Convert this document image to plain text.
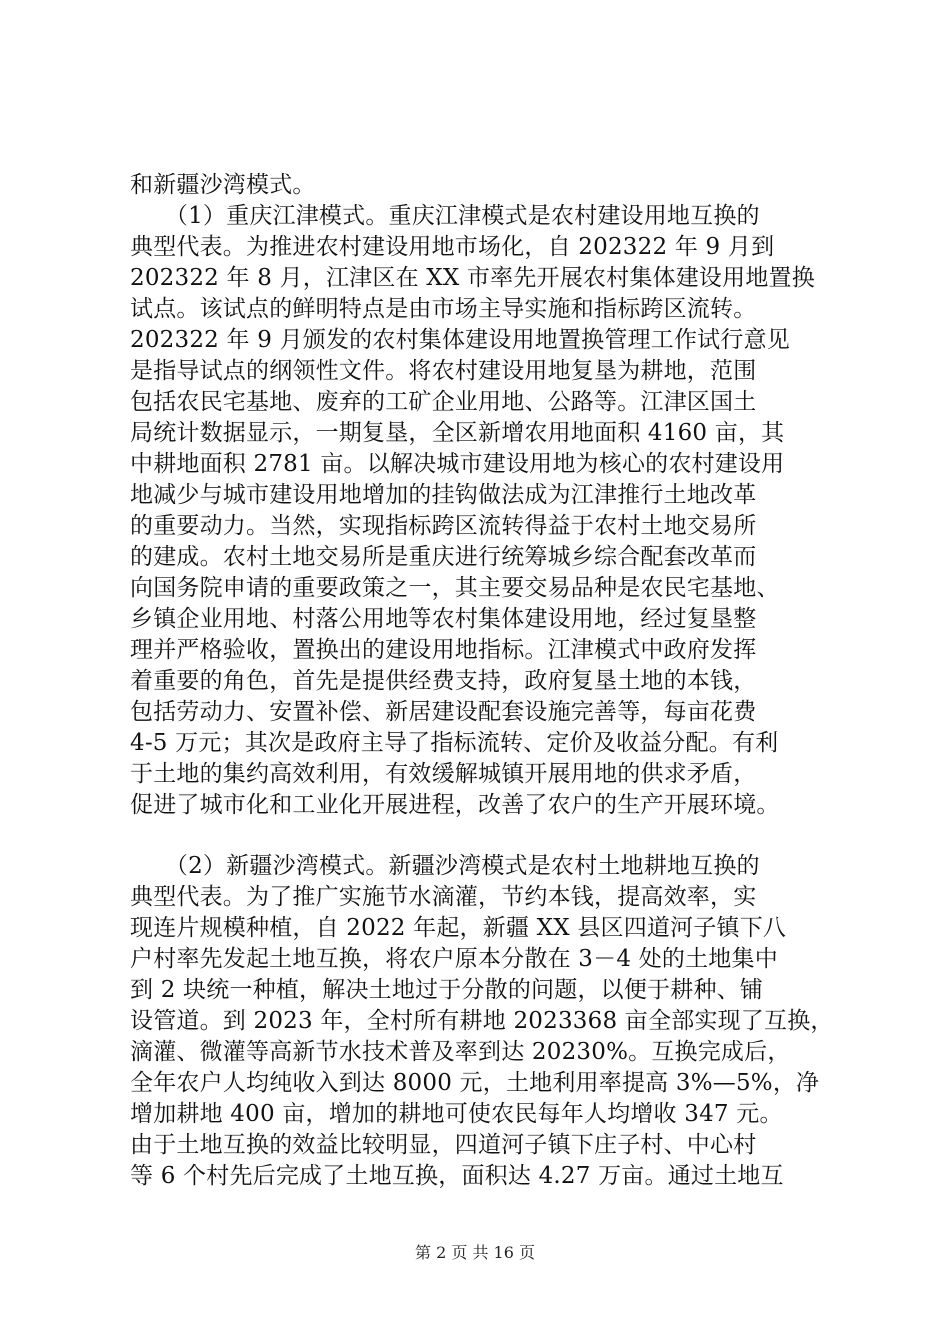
和新疆沙湾模式。
　　（1）重庆江津模式。重庆江津模式是农村建设用地互换的
典型代表。为推进农村建设用地市场化，自 202322 年 9 月到
202322 年 8 月，江津区在 XX 市率先开展农村集体建设用地置换
试点。该试点的鲜明特点是由市场主导实施和指标跨区流转。
202322 年 9 月颁发的农村集体建设用地置换管理工作试行意见
是指导试点的纲领性文件。将农村建设用地复垦为耕地，范围
包括农民宅基地、废弃的工矿企业用地、公路等。江津区国土
局统计数据显示，一期复垦，全区新增农用地面积 4160 亩，其
中耕地面积 2781 亩。以解决城市建设用地为核心的农村建设用
地减少与城市建设用地增加的挂钩做法成为江津推行土地改革
的重要动力。当然，实现指标跨区流转得益于农村土地交易所
的建成。农村土地交易所是重庆进行统筹城乡综合配套改革而
向国务院申请的重要政策之一，其主要交易品种是农民宅基地、
乡镇企业用地、村落公用地等农村集体建设用地，经过复垦整
理并严格验收，置换出的建设用地指标。江津模式中政府发挥
着重要的角色，首先是提供经费支持，政府复垦土地的本钱，
包括劳动力、安置补偿、新居建设配套设施完善等，每亩花费
4-5 万元；其次是政府主导了指标流转、定价及收益分配。有利
于土地的集约高效利用，有效缓解城镇开展用地的供求矛盾，
促进了城市化和工业化开展进程，改善了农户的生产开展环境。
　　（2）新疆沙湾模式。新疆沙湾模式是农村土地耕地互换的
典型代表。为了推广实施节水滴灌，节约本钱，提高效率，实
现连片规模种植，自 2022 年起，新疆 XX 县区四道河子镇下八
户村率先发起土地互换，将农户原本分散在 3－4 处的土地集中
到 2 块统一种植，解决土地过于分散的问题，以便于耕种、铺
设管道。到 2023 年，全村所有耕地 2023368 亩全部实现了互换，
滴灌、微灌等高新节水技术普及率到达 20230%。互换完成后，
全年农户人均纯收入到达 8000 元，土地利用率提高 3%—5%，净
增加耕地 400 亩，增加的耕地可使农民每年人均增收 347 元。
由于土地互换的效益比较明显，四道河子镇下庄子村、中心村
等 6 个村先后完成了土地互换，面积达 4.27 万亩。通过土地互
第 2 页 共 16 页
